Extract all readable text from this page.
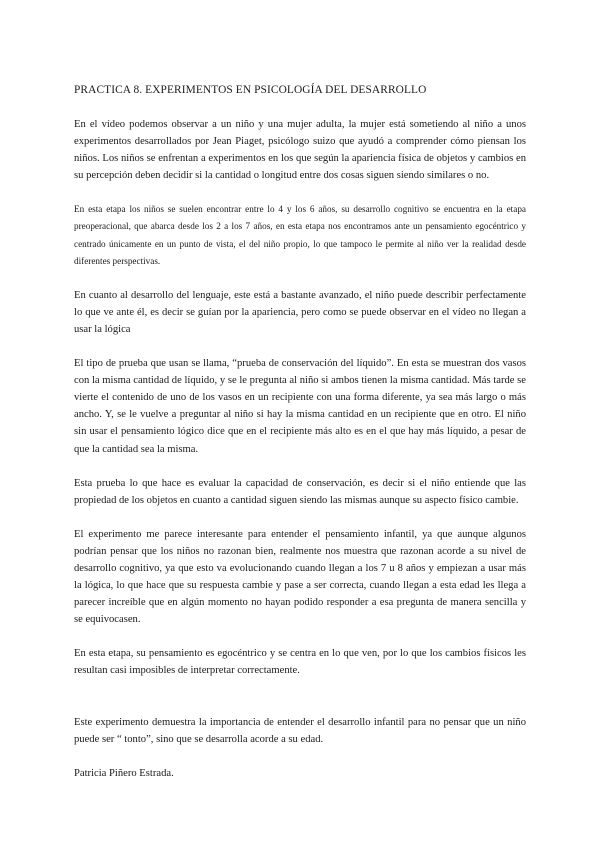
PRACTICA 8. EXPERIMENTOS EN PSICOLOGÍA DEL DESARROLLO

En el vídeo podemos observar a un niño y una mujer adulta, la mujer está sometiendo al niño a unos experimentos desarrollados por Jean Piaget, psicólogo suizo que ayudó a comprender cómo piensan los niños. Los niños se enfrentan a experimentos en los que según la apariencia física de objetos y cambios en su percepción deben decidir si la cantidad o longitud entre dos cosas siguen siendo similares o no.

En esta etapa los niños se suelen encontrar entre lo 4 y los 6 años, su desarrollo cognitivo se encuentra en la etapa preoperacional, que abarca desde los 2 a los 7 años, en esta etapa nos encontramos ante un pensamiento egocéntrico y centrado únicamente en un punto de vista, el del niño propio, lo que tampoco le permite al niño ver la realidad desde diferentes perspectivas.

En cuanto al desarrollo del lenguaje, este está a bastante avanzado, el niño puede describir perfectamente lo que ve ante él, es decir se guían por la apariencia, pero como se puede observar en el vídeo no llegan a usar la lógica

El tipo de prueba que usan se llama, “prueba de conservación del líquido”. En esta se muestran dos vasos con la misma cantidad de líquido, y se le pregunta al niño si ambos tienen la misma cantidad. Más tarde se vierte el contenido de uno de los vasos en un recipiente con una forma diferente, ya sea más largo o más ancho. Y, se le vuelve a preguntar al niño si hay la misma cantidad en un recipiente que en otro. El niño sin usar el pensamiento lógico dice que en el recipiente más alto es en el que hay más líquido, a pesar de que la cantidad sea la misma.

Esta prueba lo que hace es evaluar la capacidad de conservación, es decir si el niño entiende que las propiedad de los objetos en cuanto a cantidad siguen siendo las mismas aunque su aspecto físico cambie.

El experimento me parece interesante para entender el pensamiento infantil, ya que aunque algunos podrían pensar que los niños no razonan bien, realmente nos muestra que razonan acorde a su nivel de desarrollo cognitivo, ya que esto va evolucionando cuando llegan a los 7 u 8 años y empiezan a usar más la lógica, lo que hace que su respuesta cambie y pase a ser correcta, cuando llegan a esta edad les llega a parecer increíble que en algún momento no hayan podido responder a esa pregunta de manera sencilla y se equivocasen.

En esta etapa, su pensamiento es egocéntrico y se centra en lo que ven, por lo que los cambios físicos les resultan casi imposibles de interpretar correctamente.

Este experimento demuestra la importancia de entender el desarrollo infantil para no pensar que un niño puede ser “ tonto”, sino que se desarrolla acorde a su edad.

Patricia Piñero Estrada.
